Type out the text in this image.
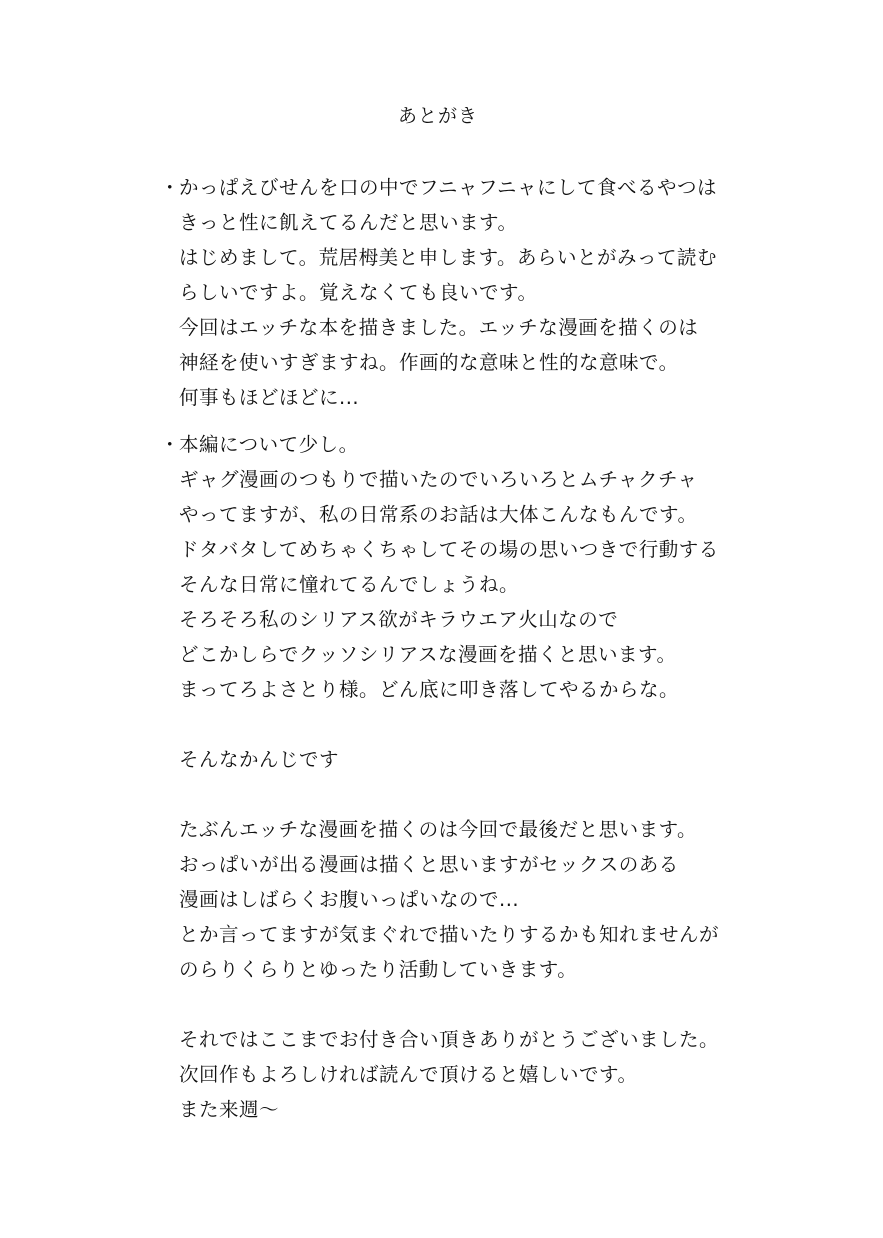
あとがき
・ かっぱえびせんを口の中でフニャフニャにして食べるやつは
きっと性に飢えてるんだと思います。
はじめまして。荒居栂美と申します。あらいとがみって読む
らしいですよ。覚えなくても良いです。
今回はエッチな本を描きました。エッチな漫画を描くのは
神経を使いすぎますね。作画的な意味と性的な意味で。
何事もほどほどに...
・ 本編について少し。
ギャグ漫画のつもりで描いたのでいろいろとムチャクチャ
やってますが、私の日常系のお話は大体こんなもんです。
ドタバタしてめちゃくちゃしてその場の思いつきで行動する
そんな日常に憧れてるんでしょうね。
そろそろ私のシリアス欲がキラウエア火山なので
どこかしらでクッソシリアスな漫画を描くと思います。
まってろよさとり様。どん底に叩き落してやるからな。
そんなかんじです
たぶんエッチな漫画を描くのは今回で最後だと思います。
おっぱいが出る漫画は描くと思いますがセックスのある
漫画はしばらくお腹いっぱいなので...
とか言ってますが気まぐれで描いたりするかも知れませんが
のらりくらりとゆったり活動していきます。
それではここまでお付き合い頂きありがとうございました。
次回作もよろしければ読んで頂けると嬉しいです。
また来週～
